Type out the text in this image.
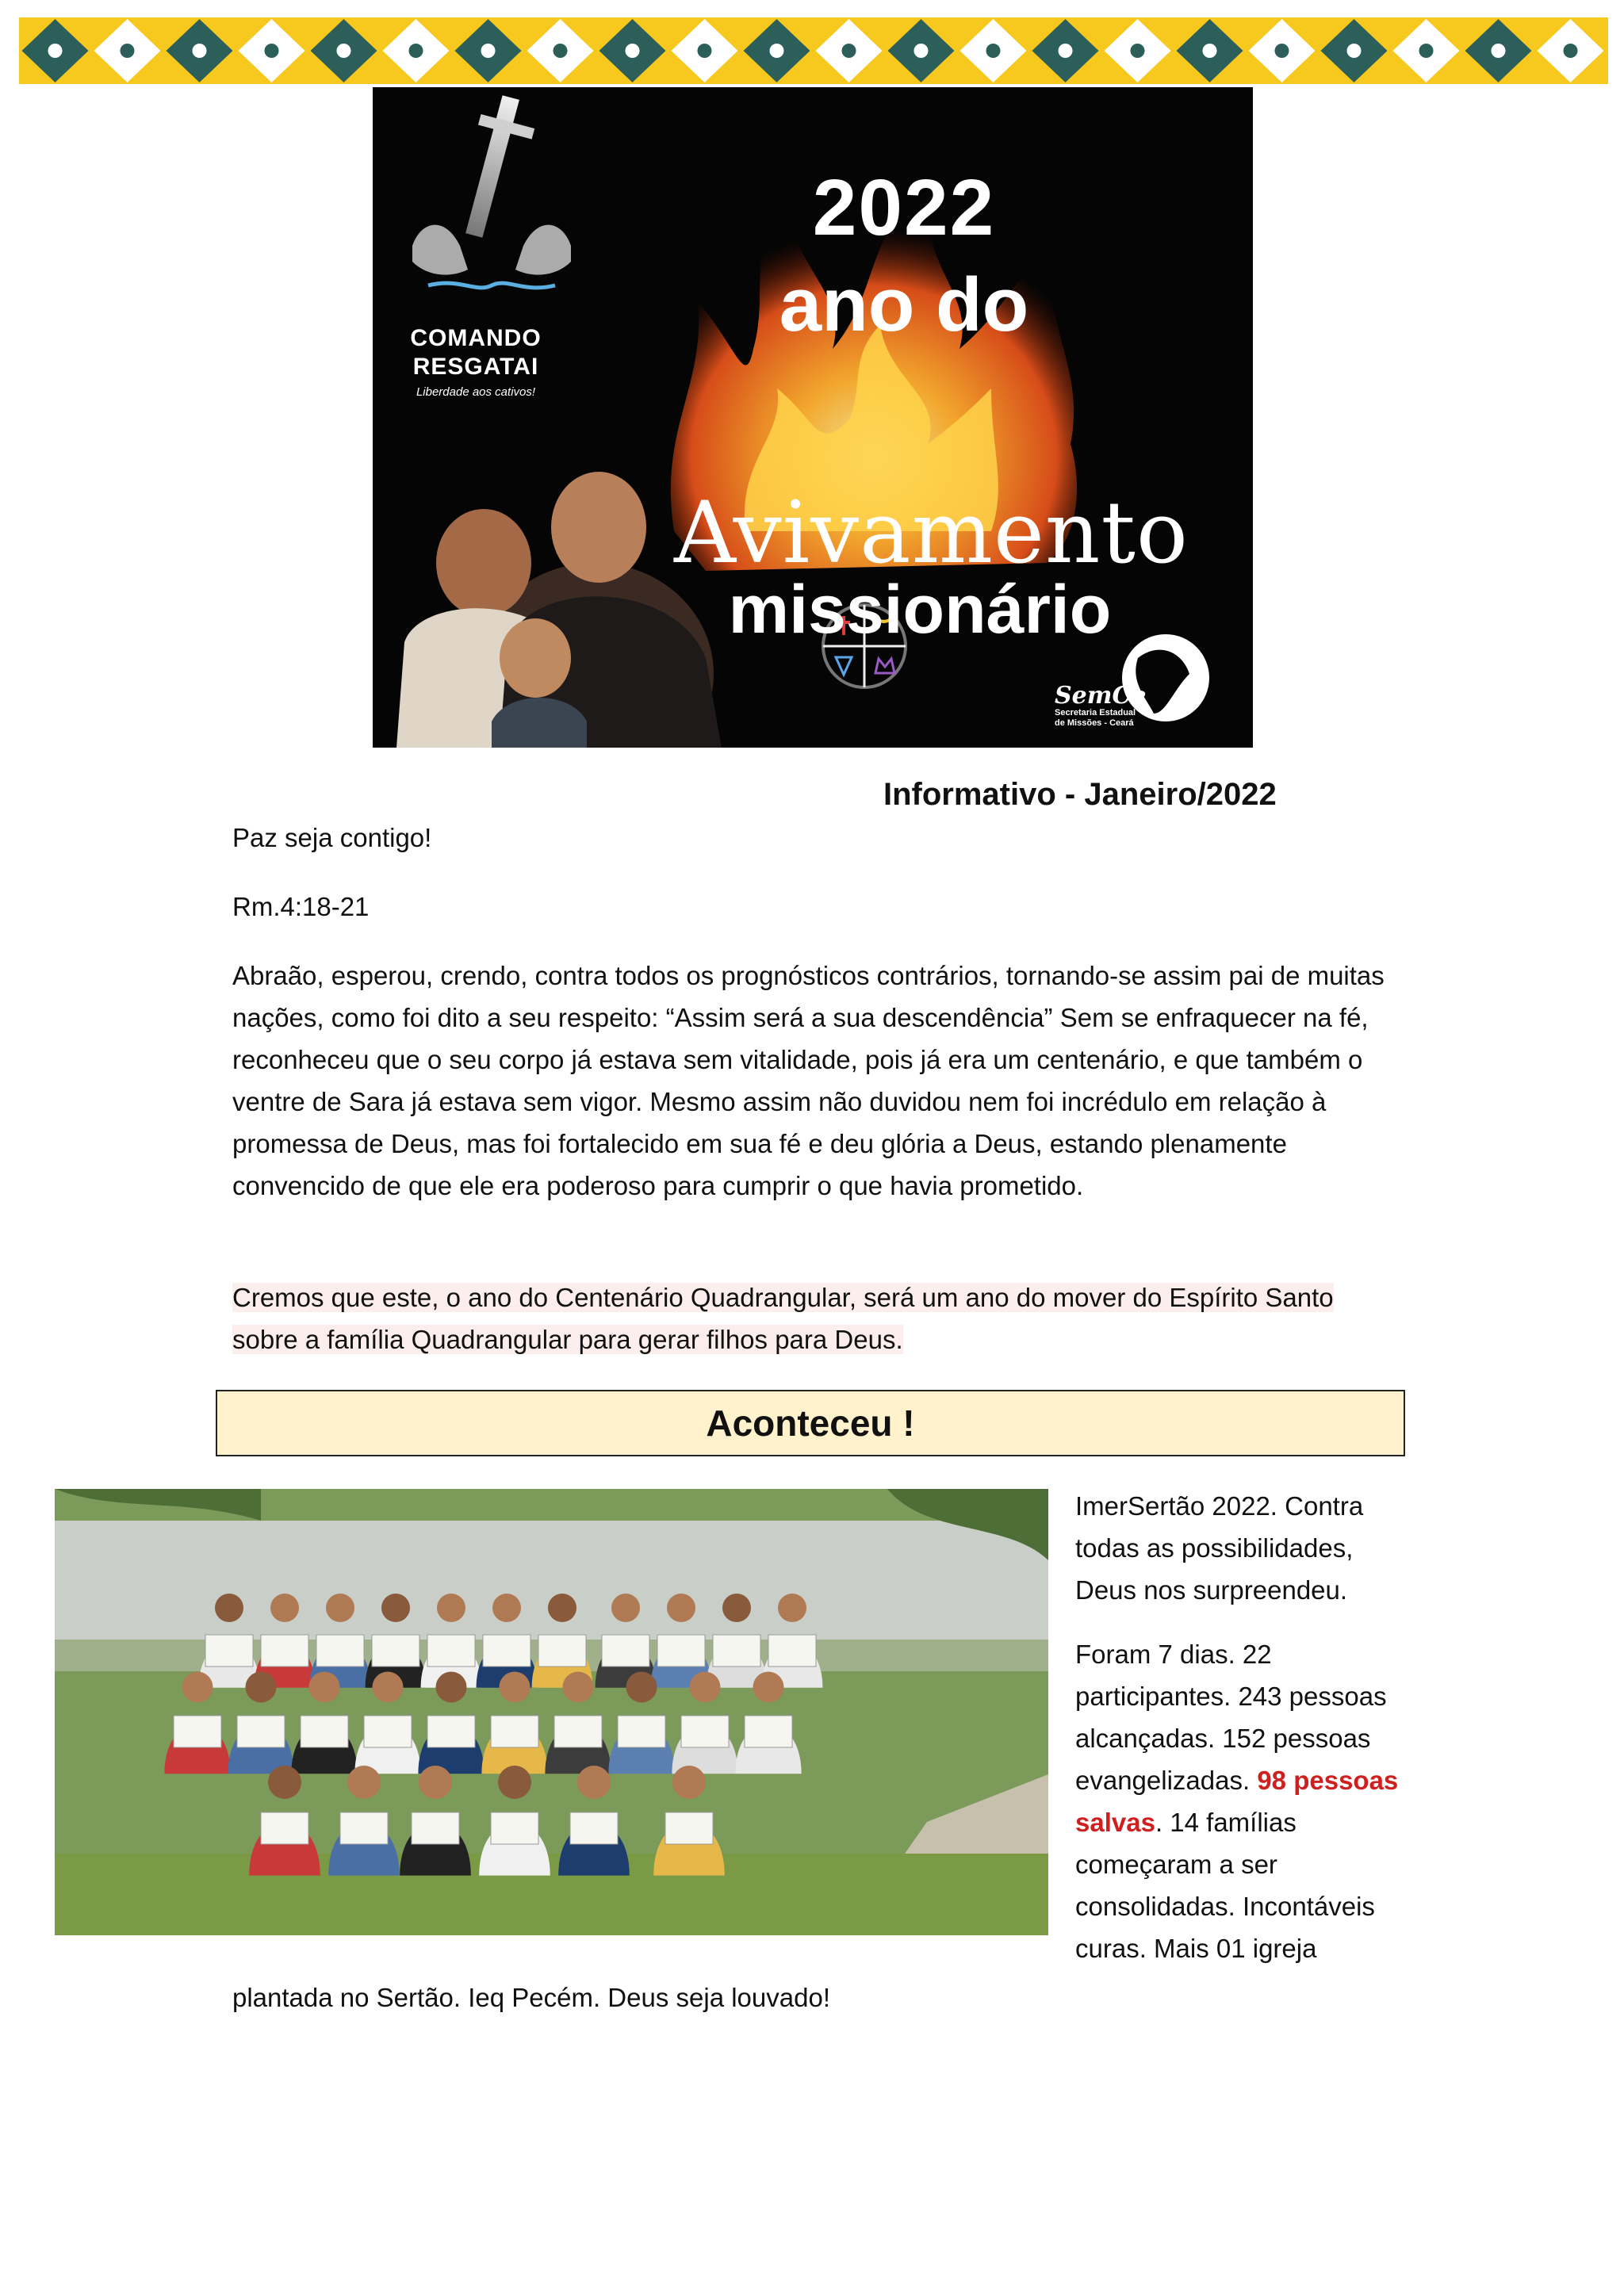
2022
ano do
Avivamento
missionário
COMANDO
RESGATAI
Liberdade aos cativos!
SemCe
Secretaria Estadual
de Missões - Ceará
Informativo - Janeiro/2022
Paz seja contigo!
Rm.4:18-21
Abraão, esperou, crendo, contra todos os prognósticos contrários, tornando-se assim pai de muitas nações, como foi dito a seu respeito: “Assim será a sua descendência” Sem se enfraquecer na fé, reconheceu que o seu corpo já estava sem vitalidade, pois já era um centenário, e que também o ventre de Sara já estava sem vigor. Mesmo assim não duvidou nem foi incrédulo em relação à promessa de Deus, mas foi fortalecido em sua fé e deu glória a Deus, estando plenamente convencido de que ele era poderoso para cumprir o que havia prometido.
Cremos que este, o ano do Centenário Quadrangular, será um ano do mover do Espírito Santo sobre a família Quadrangular para gerar filhos para Deus.
Aconteceu !
ImerSertão 2022. Contra todas as possibilidades, Deus nos surpreendeu.
Foram 7 dias. 22 participantes. 243 pessoas alcançadas. 152 pessoas evangelizadas. 98 pessoas salvas. 14 famílias começaram a ser consolidadas. Incontáveis curas. Mais 01 igreja
plantada no Sertão. Ieq Pecém. Deus seja louvado!
